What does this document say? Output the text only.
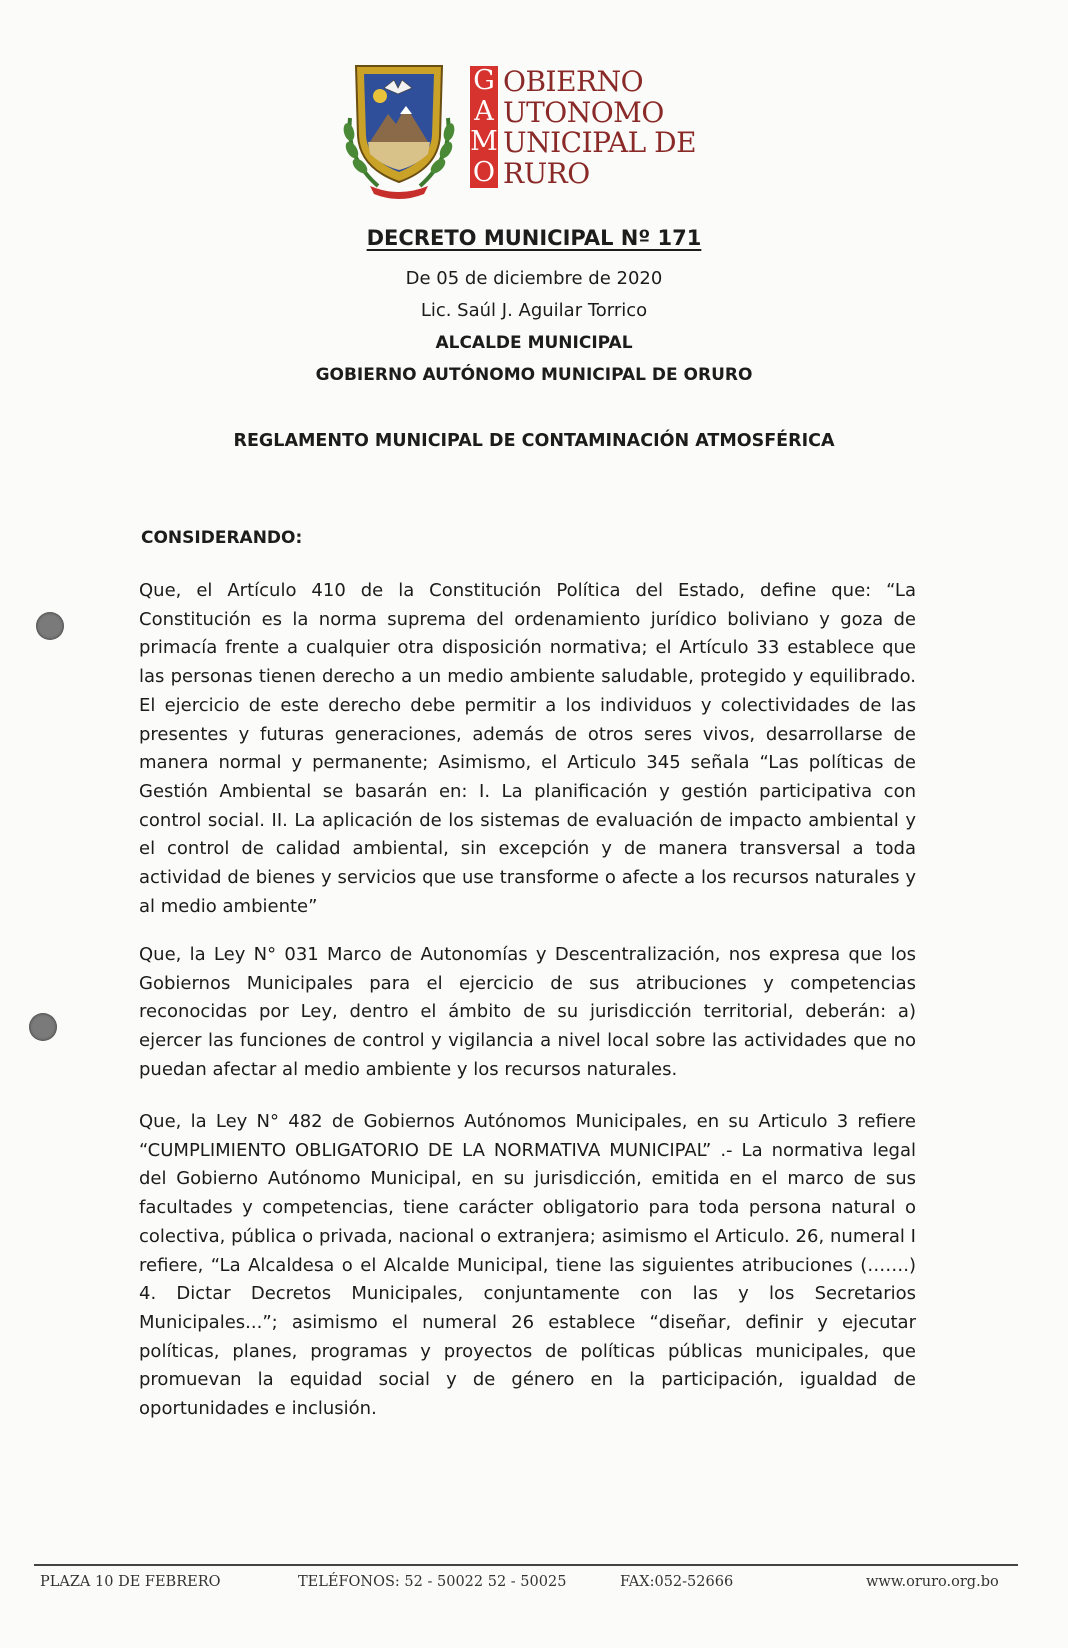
G
A
M
O
OBIERNO
UTONOMO
UNICIPAL DE
RURO
DECRETO MUNICIPAL Nº 171
De 05 de diciembre de 2020
Lic. Saúl J. Aguilar Torrico
ALCALDE MUNICIPAL
GOBIERNO AUTÓNOMO MUNICIPAL DE ORURO
REGLAMENTO MUNICIPAL DE CONTAMINACIÓN ATMOSFÉRICA
CONSIDERANDO:
Que, el Artículo 410 de la Constitución Política del Estado, define que: “La Constitución es la norma suprema del ordenamiento jurídico boliviano y goza de primacía frente a cualquier otra disposición normativa; el Artículo 33 establece que las personas tienen derecho a un medio ambiente saludable, protegido y equilibrado. El ejercicio de este derecho debe permitir a los individuos y colectividades de las presentes y futuras generaciones, además de otros seres vivos, desarrollarse de manera normal y permanente; Asimismo, el Articulo 345 señala “Las políticas de Gestión Ambiental se basarán en: I. La planificación y gestión participativa con control social. II. La aplicación de los sistemas de evaluación de impacto ambiental y el control de calidad ambiental, sin excepción y de manera transversal a toda actividad de bienes y servicios que use transforme o afecte a los recursos naturales y al medio ambiente”
Que, la Ley N° 031 Marco de Autonomías y Descentralización, nos expresa que los Gobiernos Municipales para el ejercicio de sus atribuciones y competencias reconocidas por Ley, dentro el ámbito de su jurisdicción territorial, deberán: a) ejercer las funciones de control y vigilancia a nivel local sobre las actividades que no puedan afectar al medio ambiente y los recursos naturales.
Que, la Ley N° 482 de Gobiernos Autónomos Municipales, en su Articulo 3 refiere “CUMPLIMIENTO OBLIGATORIO DE LA NORMATIVA MUNICIPAL” .- La normativa legal del Gobierno Autónomo Municipal, en su jurisdicción, emitida en el marco de sus facultades y competencias, tiene carácter obligatorio para toda persona natural o colectiva, pública o privada, nacional o extranjera; asimismo el Articulo. 26, numeral I refiere, “La Alcaldesa o el Alcalde Municipal, tiene las siguientes atribuciones (…….) 4. Dictar Decretos Municipales, conjuntamente con las y los Secretarios Municipales...”; asimismo el numeral 26 establece “diseñar, definir y ejecutar políticas, planes, programas y proyectos de políticas públicas municipales, que promuevan la equidad social y de género en la participación, igualdad de oportunidades e inclusión.
PLAZA 10 DE FEBRERO	TELÉFONOS: 52 - 50022 52 - 50025	FAX:052-52666	www.oruro.org.bo
